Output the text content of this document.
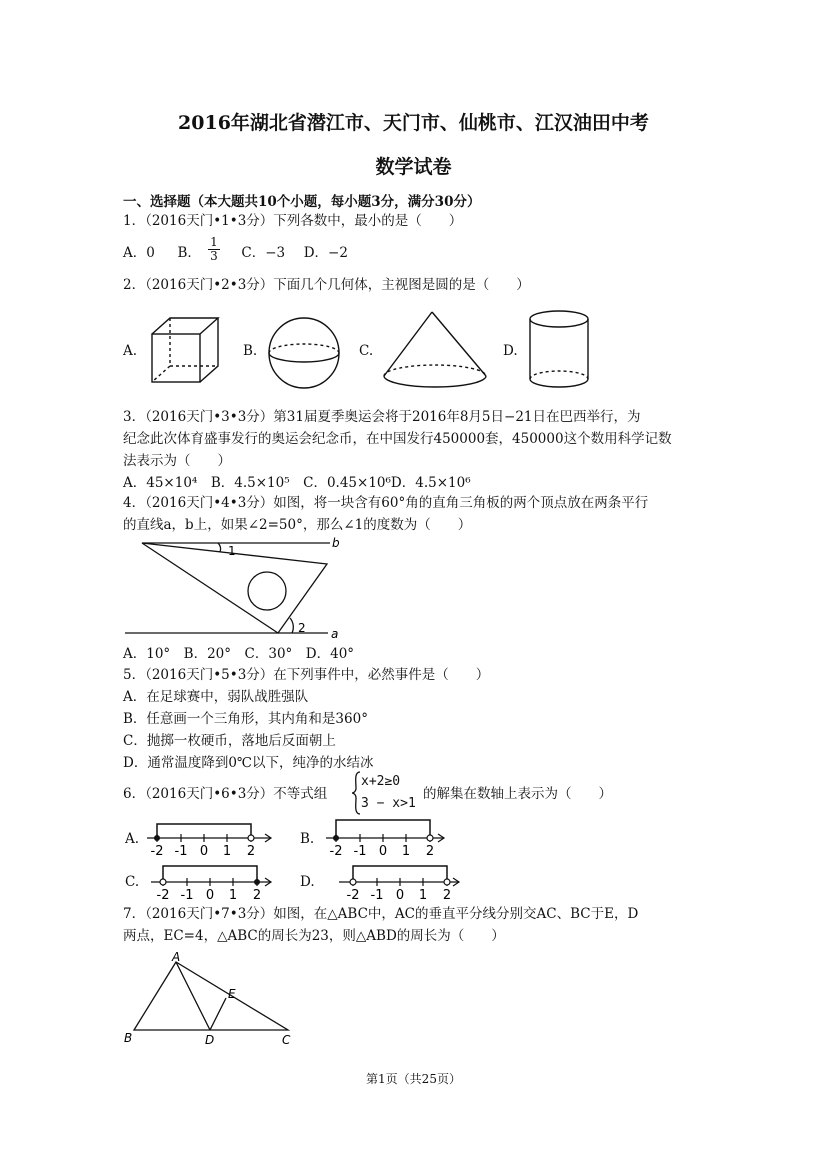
2016年湖北省潜江市、天门市、仙桃市、江汉油田中考
数学试卷
一、选择题（本大题共10个小题，每小题3分，满分30分）
1．（2016天门•1•3分）下列各数中，最小的是（　　）
A．0 B． $\frac{1}{3}$ C．−3 D．−2
2．（2016天门•2•3分）下面几个几何体，主视图是圆的是（　　）
A.	B.	C.	D.
3．（2016天门•3•3分）第31届夏季奥运会将于2016年8月5日−21日在巴西举行，为
纪念此次体育盛事发行的奥运会纪念币，在中国发行450000套，450000这个数用科学记数
法表示为（　　）
A．45×10⁴　B．4.5×10⁵　C．0.45×10⁶D．4.5×10⁶
4．（2016天门•4•3分）如图，将一块含有60°角的直角三角板的两个顶点放在两条平行
的直线a，b上，如果∠2=50°，那么∠1的度数为（　　）
b
a
1
2
A．10°　B．20°　C．30°　D．40°
5．（2016天门•5•3分）在下列事件中，必然事件是（　　）
A．在足球赛中，弱队战胜强队
B．任意画一个三角形，其内角和是360°
C．抛掷一枚硬币，落地后反面朝上
D．通常温度降到0℃以下，纯净的水结冰
6．（2016天门•6•3分）不等式组
x+2≥0
3 − x>1
的解集在数轴上表示为（　　）
A.	B.
C.	D.
-2 -1 0 1 2	-2 -1 0 1 2
-2 -1 0 1 2	-2 -1 0 1 2
7．（2016天门•7•3分）如图，在△ABC中，AC的垂直平分线分别交AC、BC于E，D
两点，EC=4，△ABC的周长为23，则△ABD的周长为（　　）
A
B	C
D
E
第1页（共25页）
